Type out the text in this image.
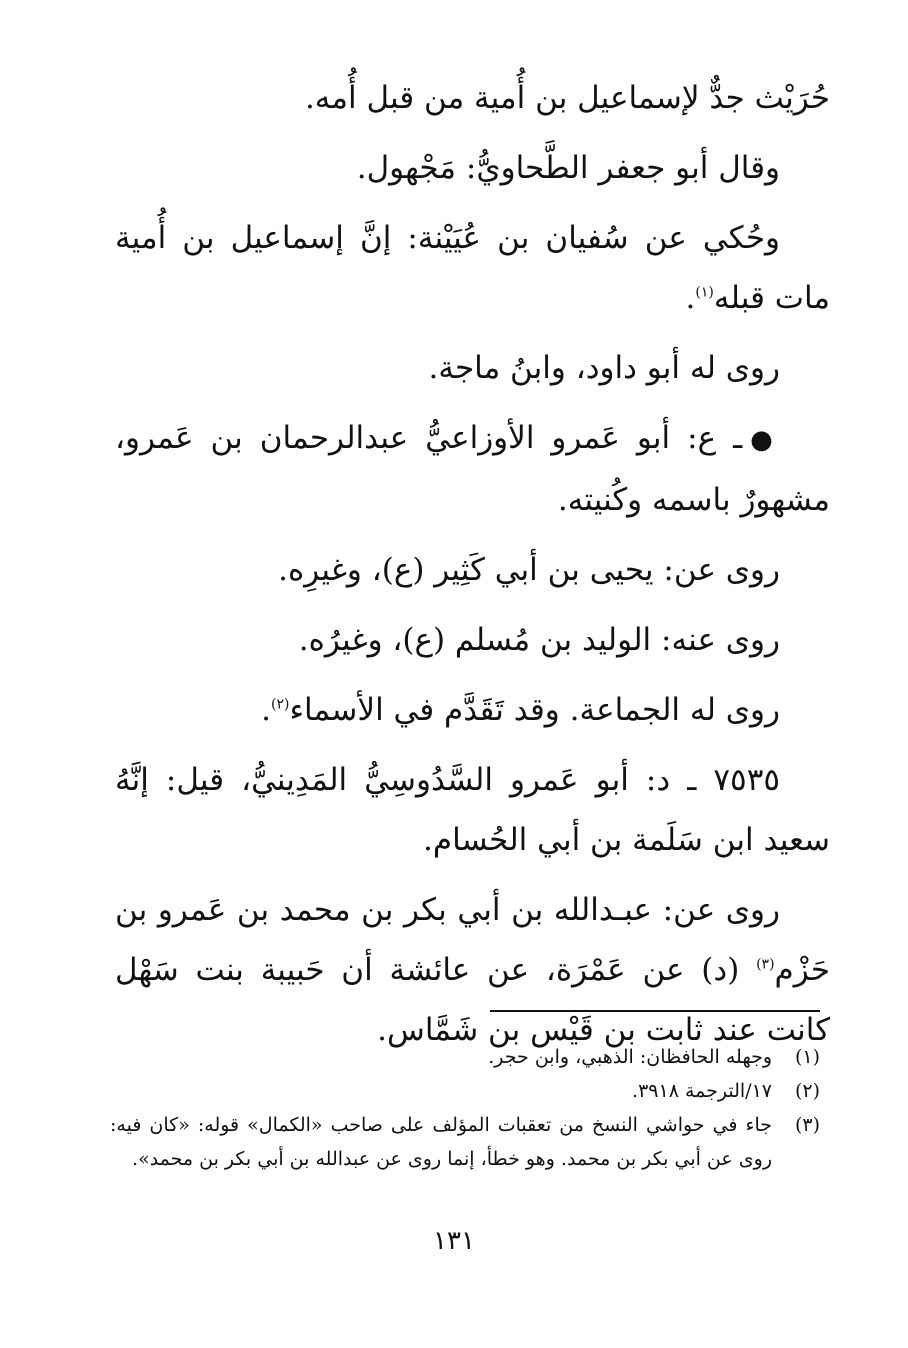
حُرَيْث جدٌّ لإسماعيل بن أُمية من قبل أُمه.

وقال أبو جعفر الطَّحاويُّ: مَجْهول.

وحُكي عن سُفيان بن عُيَيْنة: إنَّ إسماعيل بن أُمية مات قبله$^{(١)}$.

روى له أبو داود، وابنُ ماجة.

●ـ ع: أبو عَمرو الأوزاعيُّ عبدالرحمان بن عَمرو، مشهورٌ باسمه وكُنيته.

روى عن: يحيى بن أبي كَثِير (ع)، وغيرِه.

روى عنه: الوليد بن مُسلم (ع)، وغيرُه.

روى له الجماعة. وقد تَقَدَّم في الأسماء$^{(٢)}$.

٧٥٣٥ ـ د: أبو عَمرو السَّدُوسِيُّ المَدِينيُّ، قيل: إنَّهُ سعيد ابن سَلَمة بن أبي الحُسام.

روى عن: عبـدالله بن أبي بكر بن محمد بن عَمرو بن حَزْم$^{(٣)}$ (د) عن عَمْرَة، عن عائشة أن حَبيبة بنت سَهْل كانت عند ثابت بن قَيْس بن شَمَّاس.

(١)
وجهله الحافظان: الذهبي، وابن حجر.
(٢)
١٧/الترجمة ٣٩١٨.
(٣)
جاء في حواشي النسخ من تعقبات المؤلف على صاحب «الكمال» قوله: «كان فيه: روى عن أبي بكر بن محمد. وهو خطأ، إنما روى عن عبدالله بن أبي بكر بن محمد».
١٣١
